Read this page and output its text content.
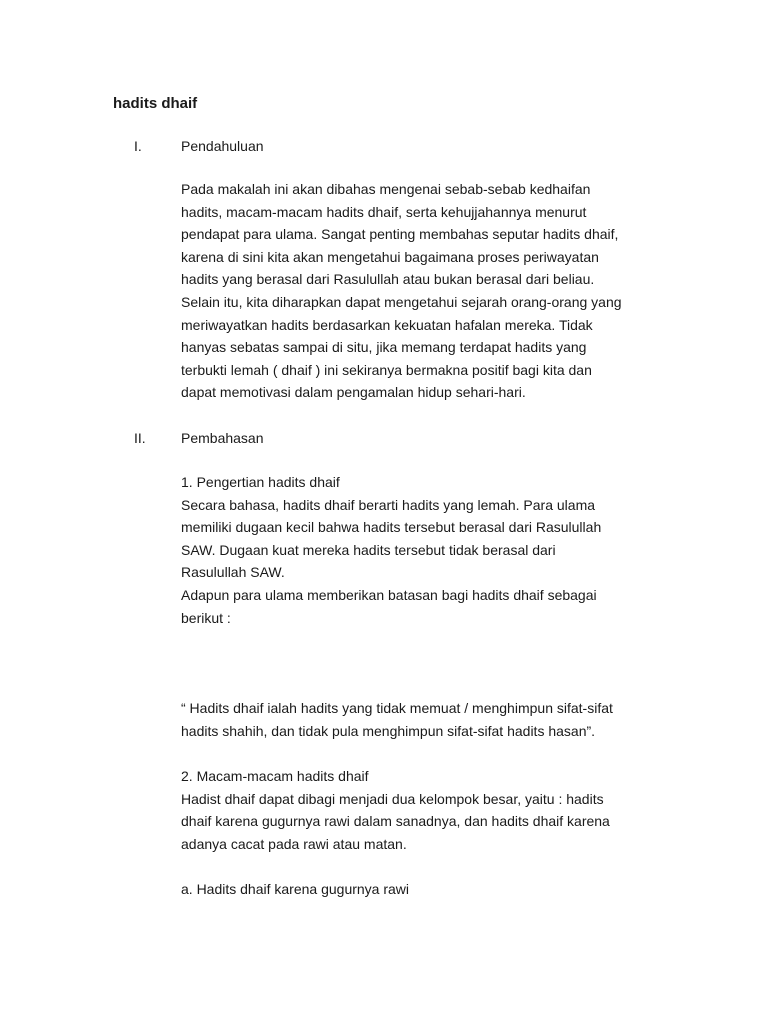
hadits dhaif
I.	Pendahuluan
Pada makalah ini akan dibahas mengenai sebab-sebab kedhaifan
hadits, macam-macam hadits dhaif, serta kehujjahannya menurut
pendapat para ulama. Sangat penting membahas seputar hadits dhaif,
karena di sini kita akan mengetahui bagaimana proses periwayatan
hadits yang berasal dari Rasulullah atau bukan berasal dari beliau.
Selain itu, kita diharapkan dapat mengetahui sejarah orang-orang yang
meriwayatkan hadits berdasarkan kekuatan hafalan mereka. Tidak
hanyas sebatas sampai di situ, jika memang terdapat hadits yang
terbukti lemah ( dhaif ) ini sekiranya bermakna positif bagi kita dan
dapat memotivasi dalam pengamalan hidup sehari-hari.
II.	Pembahasan
1. Pengertian hadits dhaif
Secara bahasa, hadits dhaif berarti hadits yang lemah. Para ulama
memiliki dugaan kecil bahwa hadits tersebut berasal dari Rasulullah
SAW. Dugaan kuat mereka hadits tersebut tidak berasal dari
Rasulullah SAW.
Adapun para ulama memberikan batasan bagi hadits dhaif sebagai
berikut :
“ Hadits dhaif ialah hadits yang tidak memuat / menghimpun sifat-sifat
hadits shahih, dan tidak pula menghimpun sifat-sifat hadits hasan”.
2. Macam-macam hadits dhaif
Hadist dhaif dapat dibagi menjadi dua kelompok besar, yaitu : hadits
dhaif karena gugurnya rawi dalam sanadnya, dan hadits dhaif karena
adanya cacat pada rawi atau matan.
a. Hadits dhaif karena gugurnya rawi
